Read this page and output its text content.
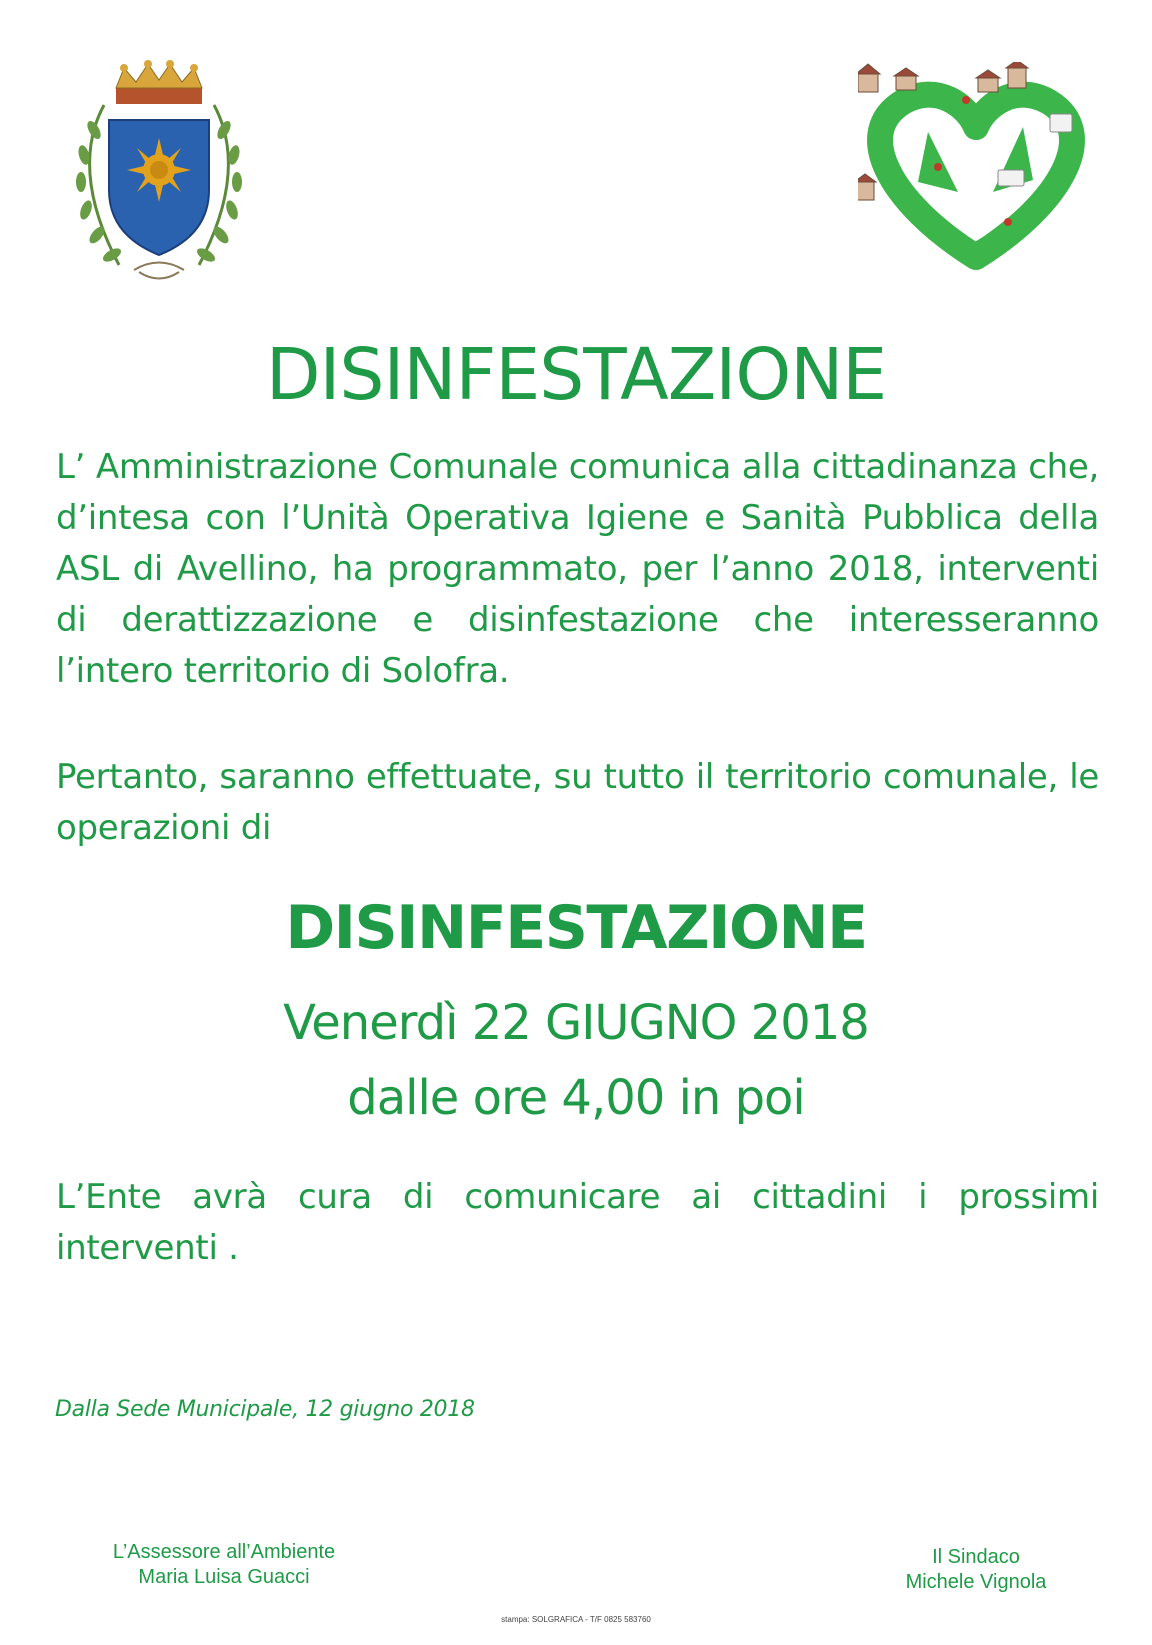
DISINFESTAZIONE
L’ Amministrazione Comunale comunica alla cittadinanza che, d’intesa con l’Unità Operativa Igiene e Sanità Pubblica della ASL di Avellino, ha programmato, per l’anno 2018, interventi di derattizzazione e disinfestazione che interesseranno l’intero territorio di Solofra.
Pertanto, saranno effettuate, su tutto il territorio comunale, le operazioni di
DISINFESTAZIONE
Venerdì 22 GIUGNO 2018
dalle ore 4,00 in poi
L’Ente avrà cura di comunicare ai cittadini i prossimi interventi .
Dalla Sede Municipale, 12 giugno 2018
L’Assessore all’Ambiente
Maria Luisa Guacci
Il Sindaco
Michele Vignola
stampa: SOLGRAFICA - T/F 0825 583760
